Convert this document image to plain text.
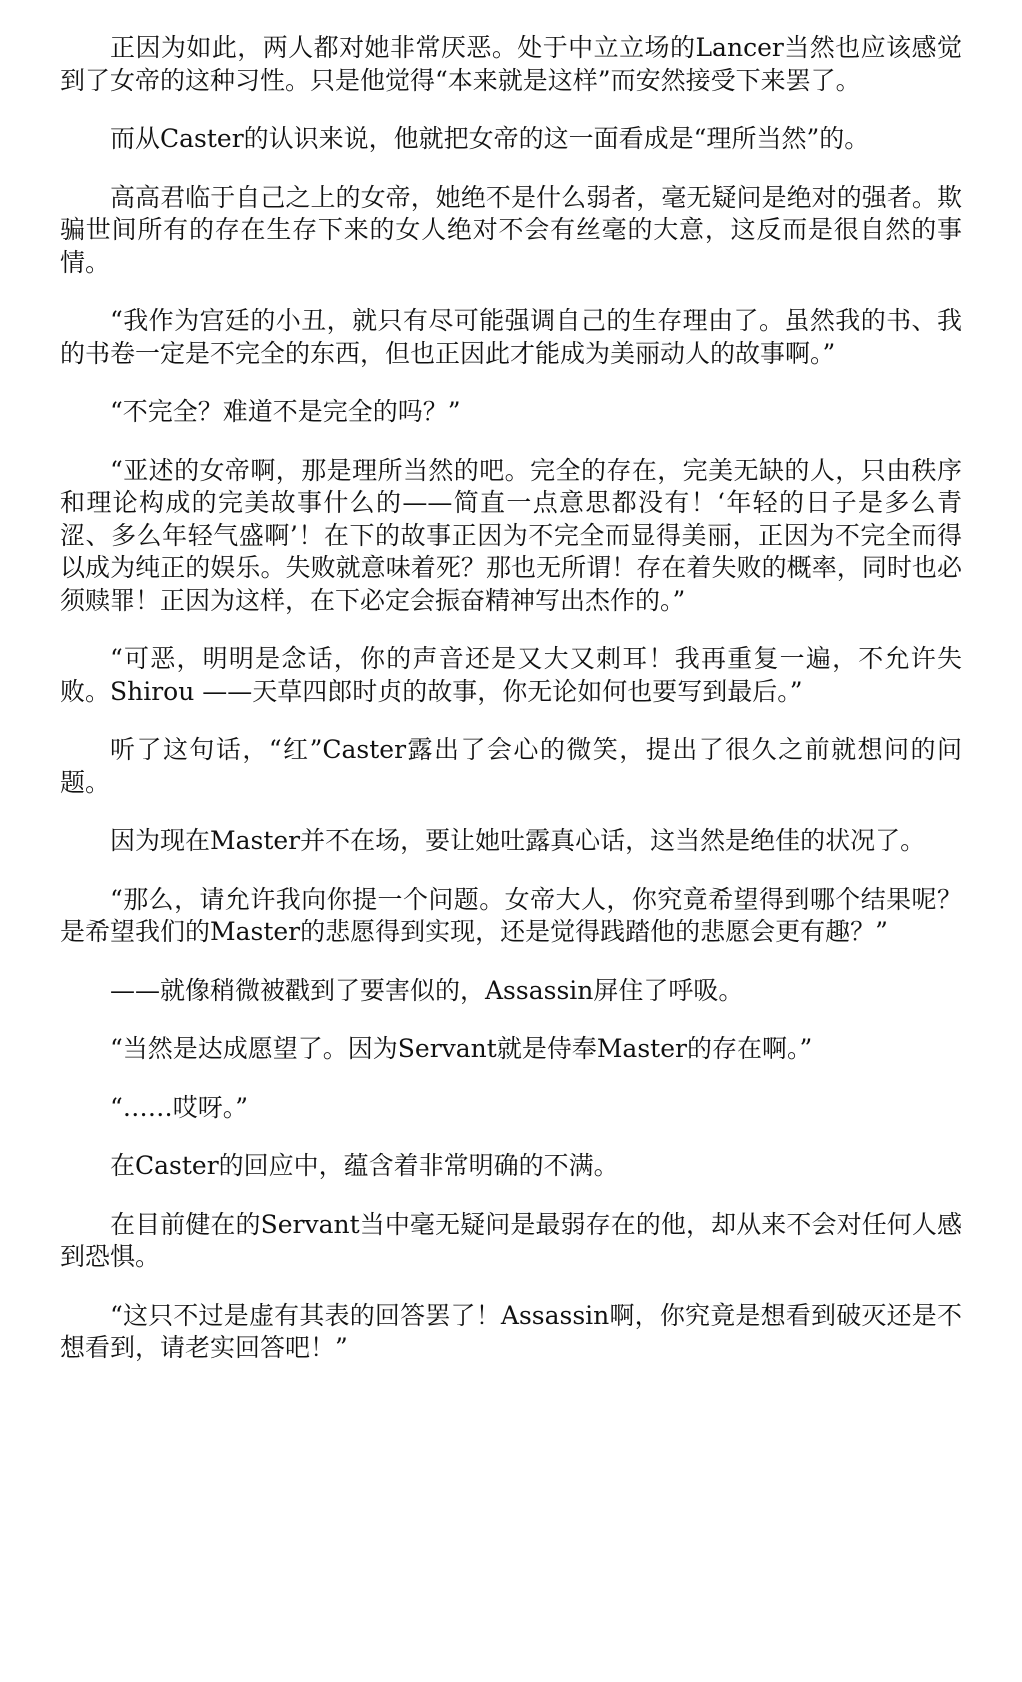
正因为如此，两人都对她非常厌恶。处于中立立场的Lancer当然也应该感觉到了女帝的这种习性。只是他觉得“本来就是这样”而安然接受下来罢了。

而从Caster的认识来说，他就把女帝的这一面看成是“理所当然”的。

高高君临于自己之上的女帝，她绝不是什么弱者，毫无疑问是绝对的强者。欺骗世间所有的存在生存下来的女人绝对不会有丝毫的大意，这反而是很自然的事情。

“我作为宫廷的小丑，就只有尽可能强调自己的生存理由了。虽然我的书、我的书卷一定是不完全的东西，但也正因此才能成为美丽动人的故事啊。”

“不完全？难道不是完全的吗？”

“亚述的女帝啊，那是理所当然的吧。完全的存在，完美无缺的人，只由秩序和理论构成的完美故事什么的——简直一点意思都没有！‘年轻的日子是多么青涩、多么年轻气盛啊’！在下的故事正因为不完全而显得美丽，正因为不完全而得以成为纯正的娱乐。失败就意味着死？那也无所谓！存在着失败的概率，同时也必须赎罪！正因为这样，在下必定会振奋精神写出杰作的。”

“可恶，明明是念话，你的声音还是又大又刺耳！我再重复一遍，不允许失败。Shirou ——天草四郎时贞的故事，你无论如何也要写到最后。”

听了这句话，“红”Caster露出了会心的微笑，提出了很久之前就想问的问题。

因为现在Master并不在场，要让她吐露真心话，这当然是绝佳的状况了。

“那么，请允许我向你提一个问题。女帝大人，你究竟希望得到哪个结果呢？是希望我们的Master的悲愿得到实现，还是觉得践踏他的悲愿会更有趣？”

——就像稍微被戳到了要害似的，Assassin屏住了呼吸。

“当然是达成愿望了。因为Servant就是侍奉Master的存在啊。”

“……哎呀。”

在Caster的回应中，蕴含着非常明确的不满。

在目前健在的Servant当中毫无疑问是最弱存在的他，却从来不会对任何人感到恐惧。

“这只不过是虚有其表的回答罢了！Assassin啊，你究竟是想看到破灭还是不想看到，请老实回答吧！”
